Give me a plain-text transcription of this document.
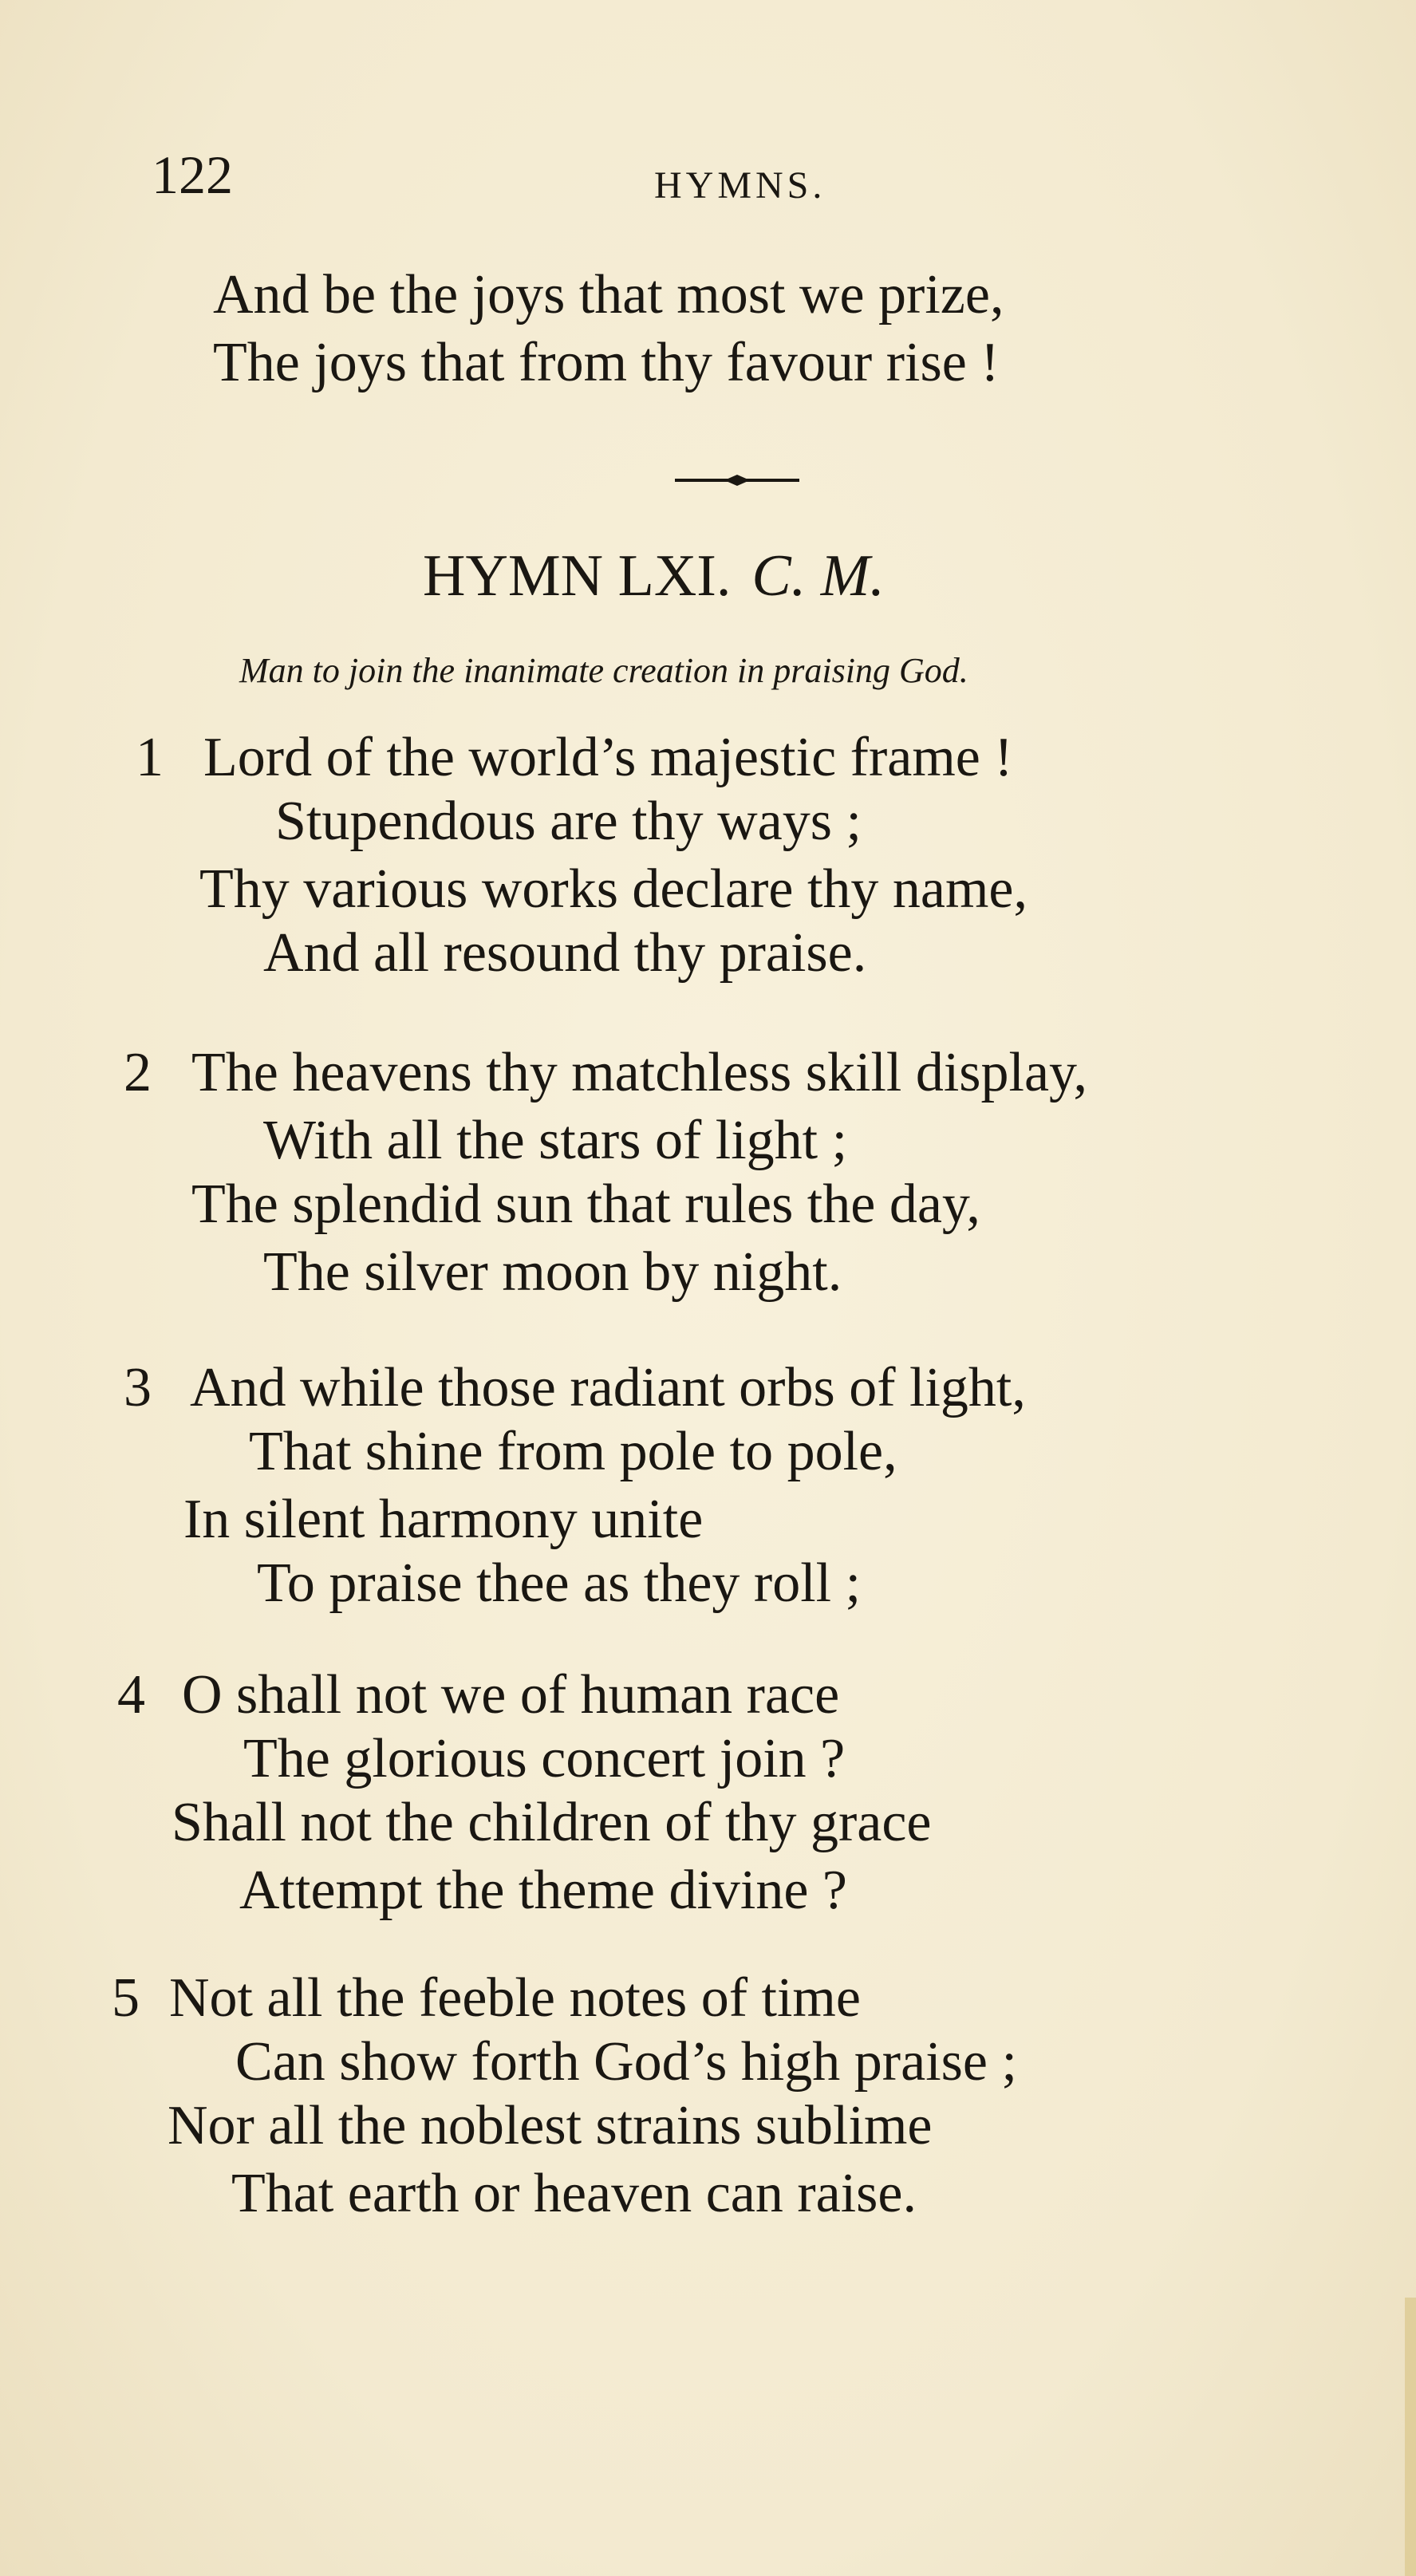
122	HYMNS.
And be the joys that most we prize,
The joys that from thy favour rise !
HYMN LXI. C. M.
Man to join the inanimate creation in praising God.
1 Lord of the world’s majestic frame !
Stupendous are thy ways ;
Thy various works declare thy name,
And all resound thy praise.
2 The heavens thy matchless skill display,
With all the stars of light ;
The splendid sun that rules the day,
The silver moon by night.
3 And while those radiant orbs of light,
That shine from pole to pole,
In silent harmony unite
To praise thee as they roll ;
4 O shall not we of human race
The glorious concert join ?
Shall not the children of thy grace
Attempt the theme divine ?
5 Not all the feeble notes of time
Can show forth God’s high praise ;
Nor all the noblest strains sublime
That earth or heaven can raise.
